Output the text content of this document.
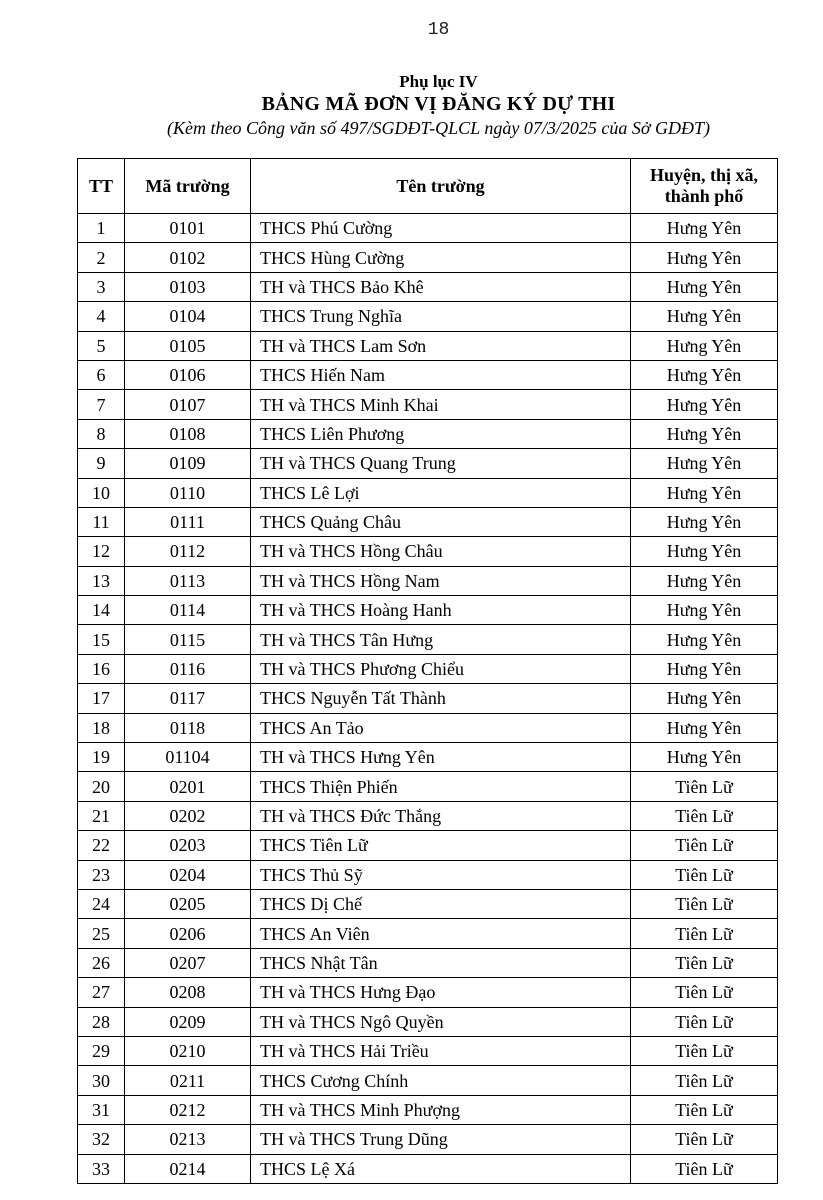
18
Phụ lục IV
BẢNG MÃ ĐƠN VỊ ĐĂNG KÝ DỰ THI
(Kèm theo Công văn số 497/SGDĐT-QLCL ngày 07/3/2025 của Sở GDĐT)
TT	Mã trường	Tên trường	Huyện, thị xã,
thành phố
1	0101	THCS Phú Cường	Hưng Yên
2	0102	THCS Hùng Cường	Hưng Yên
3	0103	TH và THCS Bảo Khê	Hưng Yên
4	0104	THCS Trung Nghĩa	Hưng Yên
5	0105	TH và THCS Lam Sơn	Hưng Yên
6	0106	THCS Hiến Nam	Hưng Yên
7	0107	TH và THCS Minh Khai	Hưng Yên
8	0108	THCS Liên Phương	Hưng Yên
9	0109	TH và THCS Quang Trung	Hưng Yên
10	0110	THCS Lê Lợi	Hưng Yên
11	0111	THCS Quảng Châu	Hưng Yên
12	0112	TH và THCS Hồng Châu	Hưng Yên
13	0113	TH và THCS Hồng Nam	Hưng Yên
14	0114	TH và THCS Hoàng Hanh	Hưng Yên
15	0115	TH và THCS Tân Hưng	Hưng Yên
16	0116	TH và THCS Phương Chiểu	Hưng Yên
17	0117	THCS Nguyễn Tất Thành	Hưng Yên
18	0118	THCS An Tảo	Hưng Yên
19	01104	TH và THCS Hưng Yên	Hưng Yên
20	0201	THCS Thiện Phiến	Tiên Lữ
21	0202	TH và THCS Đức Thắng	Tiên Lữ
22	0203	THCS Tiên Lữ	Tiên Lữ
23	0204	THCS Thủ Sỹ	Tiên Lữ
24	0205	THCS Dị Chế	Tiên Lữ
25	0206	THCS An Viên	Tiên Lữ
26	0207	THCS Nhật Tân	Tiên Lữ
27	0208	TH và THCS Hưng Đạo	Tiên Lữ
28	0209	TH và THCS Ngô Quyền	Tiên Lữ
29	0210	TH và THCS Hải Triều	Tiên Lữ
30	0211	THCS Cương Chính	Tiên Lữ
31	0212	TH và THCS Minh Phượng	Tiên Lữ
32	0213	TH và THCS Trung Dũng	Tiên Lữ
33	0214	THCS Lệ Xá	Tiên Lữ
